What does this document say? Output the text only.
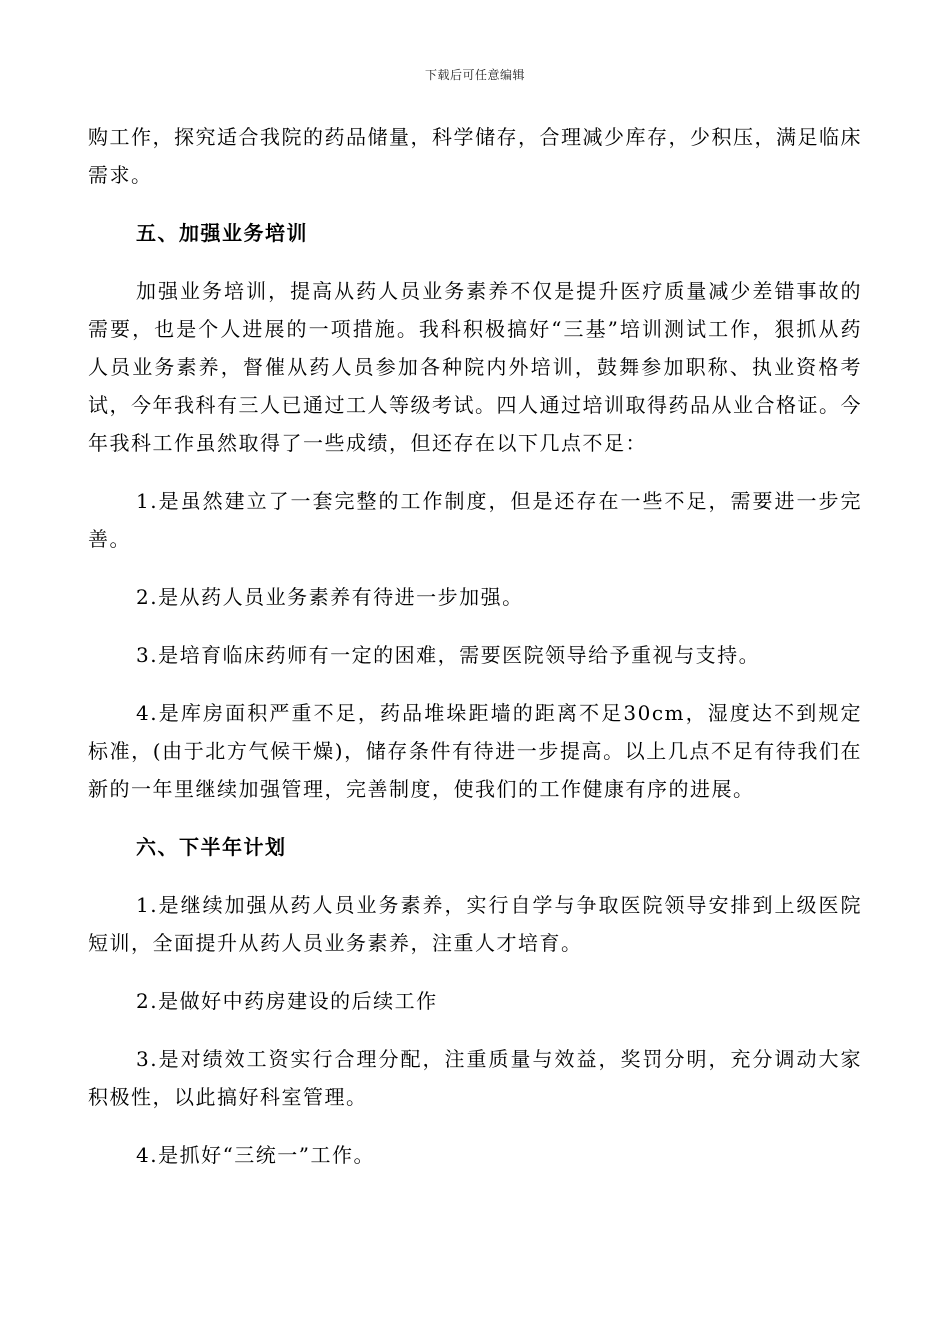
下载后可任意编辑

购工作，探究适合我院的药品储量，科学储存，合理减少库存，少积压，满足临床需求。

五、加强业务培训

加强业务培训，提高从药人员业务素养不仅是提升医疗质量减少差错事故的需要，也是个人进展的一项措施。我科积极搞好“三基”培训测试工作，狠抓从药人员业务素养，督催从药人员参加各种院内外培训，鼓舞参加职称、执业资格考试，今年我科有三人已通过工人等级考试。四人通过培训取得药品从业合格证。今年我科工作虽然取得了一些成绩，但还存在以下几点不足：

1.是虽然建立了一套完整的工作制度，但是还存在一些不足，需要进一步完善。

2.是从药人员业务素养有待进一步加强。

3.是培育临床药师有一定的困难，需要医院领导给予重视与支持。

4.是库房面积严重不足，药品堆垛距墙的距离不足30cm，湿度达不到规定标准，(由于北方气候干燥)，储存条件有待进一步提高。以上几点不足有待我们在新的一年里继续加强管理，完善制度，使我们的工作健康有序的进展。

六、下半年计划

1.是继续加强从药人员业务素养，实行自学与争取医院领导安排到上级医院短训，全面提升从药人员业务素养，注重人才培育。

2.是做好中药房建设的后续工作

3.是对绩效工资实行合理分配，注重质量与效益，奖罚分明，充分调动大家积极性，以此搞好科室管理。

4.是抓好“三统一”工作。
